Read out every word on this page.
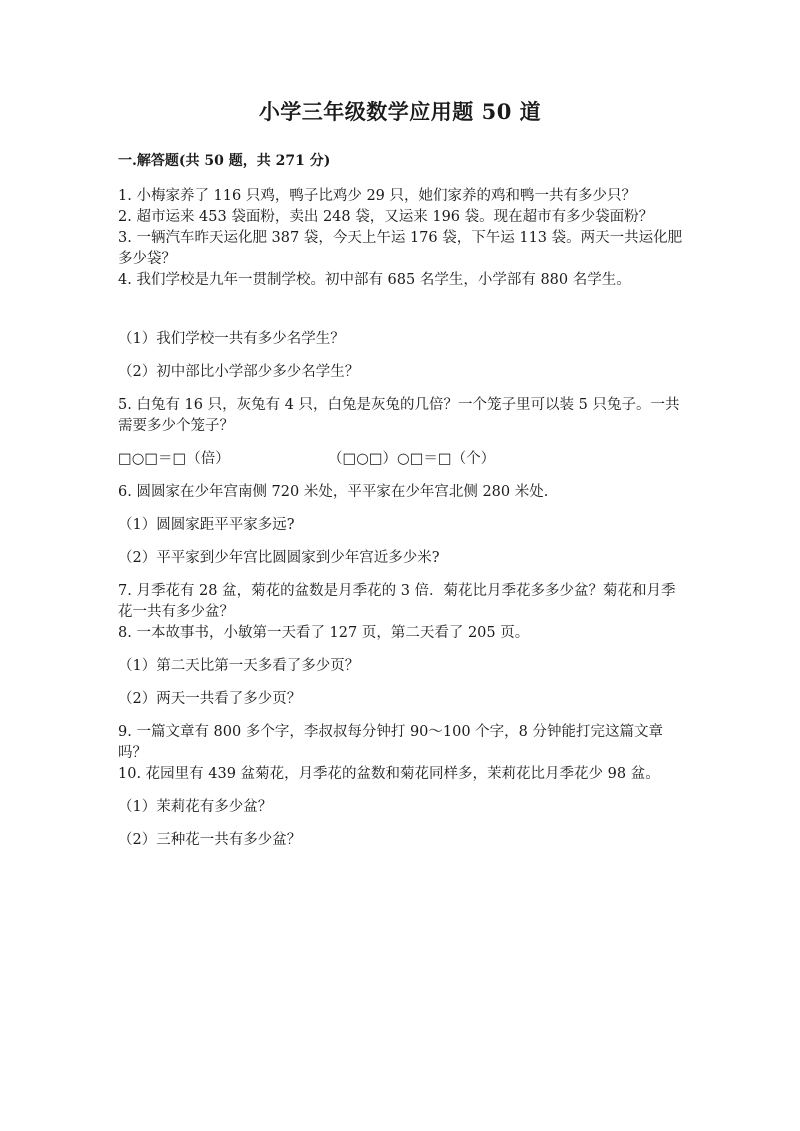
小学三年级数学应用题 50 道
一.解答题(共 50 题，共 271 分)

1. 小梅家养了 116 只鸡，鸭子比鸡少 29 只，她们家养的鸡和鸭一共有多少只？

2. 超市运来 453 袋面粉，卖出 248 袋，又运来 196 袋。现在超市有多少袋面粉？

3. 一辆汽车昨天运化肥 387 袋，今天上午运 176 袋，下午运 113 袋。两天一共运化肥多少袋？

4. 我们学校是九年一贯制学校。初中部有 685 名学生，小学部有 880 名学生。

（1）我们学校一共有多少名学生？

（2）初中部比小学部少多少名学生？

5. 白兔有 16 只，灰兔有 4 只，白兔是灰兔的几倍？一个笼子里可以装 5 只兔子。一共需要多少个笼子？

□○□＝□（倍）	（□○□）○□＝□（个）

6. 圆圆家在少年宫南侧 720 米处，平平家在少年宫北侧 280 米处.

（1）圆圆家距平平家多远?

（2）平平家到少年宫比圆圆家到少年宫近多少米?

7. 月季花有 28 盆，菊花的盆数是月季花的 3 倍．菊花比月季花多多少盆？菊花和月季花一共有多少盆？

8. 一本故事书，小敏第一天看了 127 页，第二天看了 205 页。

（1）第二天比第一天多看了多少页？

（2）两天一共看了多少页？

9. 一篇文章有 800 多个字，李叔叔每分钟打 90～100 个字，8 分钟能打完这篇文章吗？

10. 花园里有 439 盆菊花，月季花的盆数和菊花同样多，茉莉花比月季花少 98 盆。

（1）茉莉花有多少盆？

（2）三种花一共有多少盆？
